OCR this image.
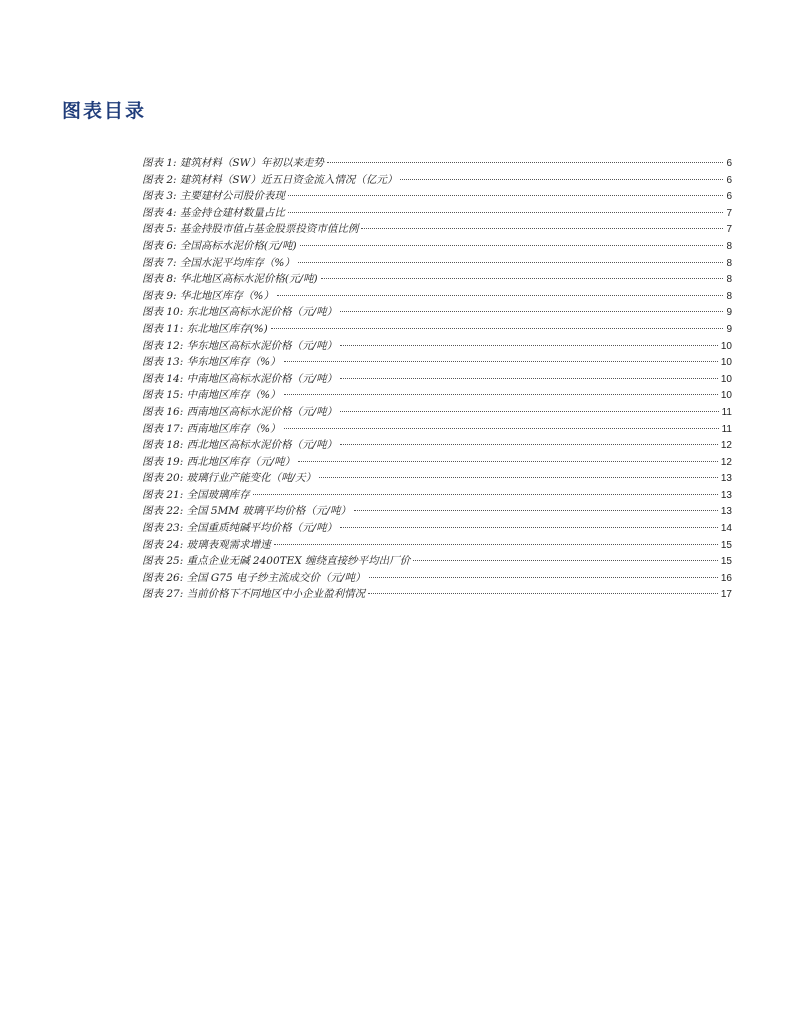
图表目录
图表 1: 建筑材料（SW）年初以来走势	6
图表 2: 建筑材料（SW）近五日资金流入情况（亿元）	6
图表 3: 主要建材公司股价表现	6
图表 4: 基金持仓建材数量占比	7
图表 5: 基金持股市值占基金股票投资市值比例	7
图表 6: 全国高标水泥价格(元/吨)	8
图表 7: 全国水泥平均库存（%）	8
图表 8: 华北地区高标水泥价格(元/吨)	8
图表 9: 华北地区库存（%）	8
图表 10: 东北地区高标水泥价格（元/吨）	9
图表 11: 东北地区库存(%)	9
图表 12: 华东地区高标水泥价格（元/吨）	10
图表 13: 华东地区库存（%）	10
图表 14: 中南地区高标水泥价格（元/吨）	10
图表 15: 中南地区库存（%）	10
图表 16: 西南地区高标水泥价格（元/吨）	11
图表 17: 西南地区库存（%）	11
图表 18: 西北地区高标水泥价格（元/吨）	12
图表 19: 西北地区库存（元/吨）	12
图表 20: 玻璃行业产能变化（吨/天）	13
图表 21: 全国玻璃库存	13
图表 22: 全国 5MM 玻璃平均价格（元/吨）	13
图表 23: 全国重质纯碱平均价格（元/吨）	14
图表 24: 玻璃表观需求增速	15
图表 25: 重点企业无碱 2400TEX 缠绕直接纱平均出厂价	15
图表 26: 全国 G75 电子纱主流成交价（元/吨）	16
图表 27: 当前价格下不同地区中小企业盈利情况	17
